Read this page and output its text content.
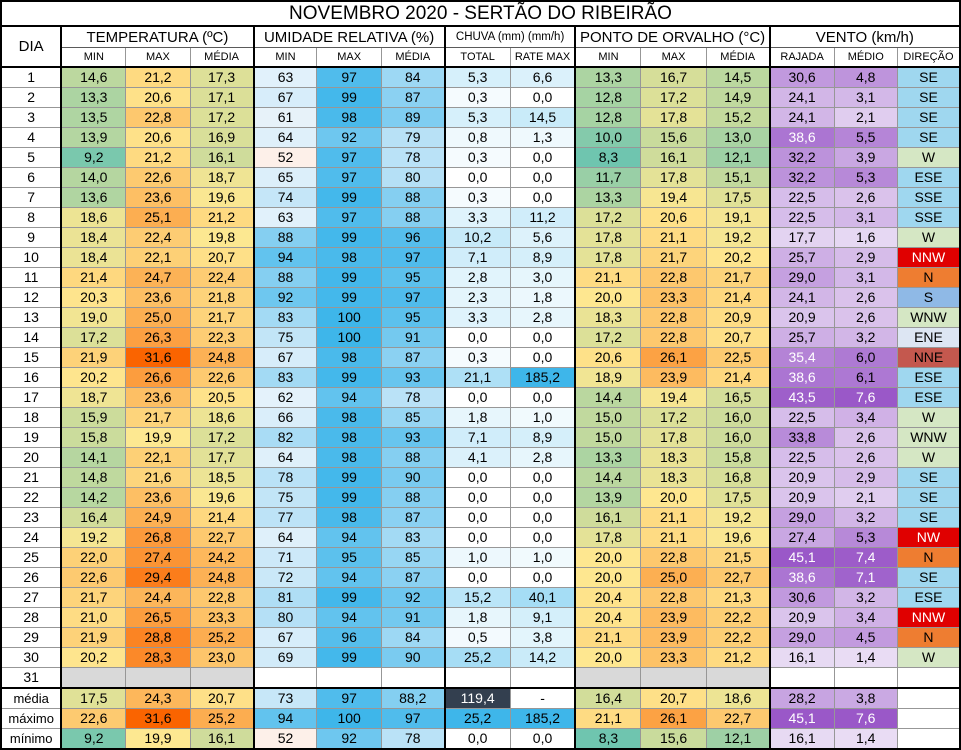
NOVEMBRO 2020 - SERTÃO DO RIBEIRÃO														
DIA	TEMPERATURA (ºC)			UMIDADE RELATIVA (%)			CHUVA (mm) (mm/h)		PONTO DE ORVALHO (°C)			VENTO (km/h)		
	MIN	MAX	MÉDIA	MIN	MAX	MÉDIA	TOTAL	RATE MAX	MIN	MAX	MÉDIA	RAJADA	MÉDIO	DIREÇÃO
1	14,6	21,2	17,3	63	97	84	5,3	6,6	13,3	16,7	14,5	30,6	4,8	SE
2	13,3	20,6	17,1	67	99	87	0,3	0,0	12,8	17,2	14,9	24,1	3,1	SE
3	13,5	22,8	17,2	61	98	89	5,3	14,5	12,8	17,8	15,2	24,1	2,1	SE
4	13,9	20,6	16,9	64	92	79	0,8	1,3	10,0	15,6	13,0	38,6	5,5	SE
5	9,2	21,2	16,1	52	97	78	0,3	0,0	8,3	16,1	12,1	32,2	3,9	W
6	14,0	22,6	18,7	65	97	80	0,0	0,0	11,7	17,8	15,1	32,2	5,3	ESE
7	13,6	23,6	19,6	74	99	88	0,3	0,0	13,3	19,4	17,5	22,5	2,6	SSE
8	18,6	25,1	21,2	63	97	88	3,3	11,2	17,2	20,6	19,1	22,5	3,1	SSE
9	18,4	22,4	19,8	88	99	96	10,2	5,6	17,8	21,1	19,2	17,7	1,6	W
10	18,4	22,1	20,7	94	98	97	7,1	8,9	17,8	21,7	20,2	25,7	2,9	NNW
11	21,4	24,7	22,4	88	99	95	2,8	3,0	21,1	22,8	21,7	29,0	3,1	N
12	20,3	23,6	21,8	92	99	97	2,3	1,8	20,0	23,3	21,4	24,1	2,6	S
13	19,0	25,0	21,7	83	100	95	3,3	2,8	18,3	22,8	20,9	20,9	2,6	WNW
14	17,2	26,3	22,3	75	100	91	0,0	0,0	17,2	22,8	20,7	25,7	3,2	ENE
15	21,9	31,6	24,8	67	98	87	0,3	0,0	20,6	26,1	22,5	35,4	6,0	NNE
16	20,2	26,6	22,6	83	99	93	21,1	185,2	18,9	23,9	21,4	38,6	6,1	ESE
17	18,7	23,6	20,5	62	94	78	0,0	0,0	14,4	19,4	16,5	43,5	7,6	ESE
18	15,9	21,7	18,6	66	98	85	1,8	1,0	15,0	17,2	16,0	22,5	3,4	W
19	15,8	19,9	17,2	82	98	93	7,1	8,9	15,0	17,8	16,0	33,8	2,6	WNW
20	14,1	22,1	17,7	64	98	88	4,1	2,8	13,3	18,3	15,8	22,5	2,6	W
21	14,8	21,6	18,5	78	99	90	0,0	0,0	14,4	18,3	16,8	20,9	2,9	SE
22	14,2	23,6	19,6	75	99	88	0,0	0,0	13,9	20,0	17,5	20,9	2,1	SE
23	16,4	24,9	21,4	77	98	87	0,0	0,0	16,1	21,1	19,2	29,0	3,2	SE
24	19,2	26,8	22,7	64	94	83	0,0	0,0	17,8	21,1	19,6	27,4	5,3	NW
25	22,0	27,4	24,2	71	95	85	1,0	1,0	20,0	22,8	21,5	45,1	7,4	N
26	22,6	29,4	24,8	72	94	87	0,0	0,0	20,0	25,0	22,7	38,6	7,1	SE
27	21,7	24,4	22,8	81	99	92	15,2	40,1	20,4	22,8	21,3	30,6	3,2	ESE
28	21,0	26,5	23,3	80	94	91	1,8	9,1	20,4	23,9	22,2	20,9	3,4	NNW
29	21,9	28,8	25,2	67	96	84	0,5	3,8	21,1	23,9	22,2	29,0	4,5	N
30	20,2	28,3	23,0	69	99	90	25,2	14,2	20,0	23,3	21,2	16,1	1,4	W
31														
média	17,5	24,3	20,7	73	97	88,2	119,4	-	16,4	20,7	18,6	28,2	3,8	
máximo	22,6	31,6	25,2	94	100	97	25,2	185,2	21,1	26,1	22,7	45,1	7,6	
mínimo	9,2	19,9	16,1	52	92	78	0,0	0,0	8,3	15,6	12,1	16,1	1,4	
